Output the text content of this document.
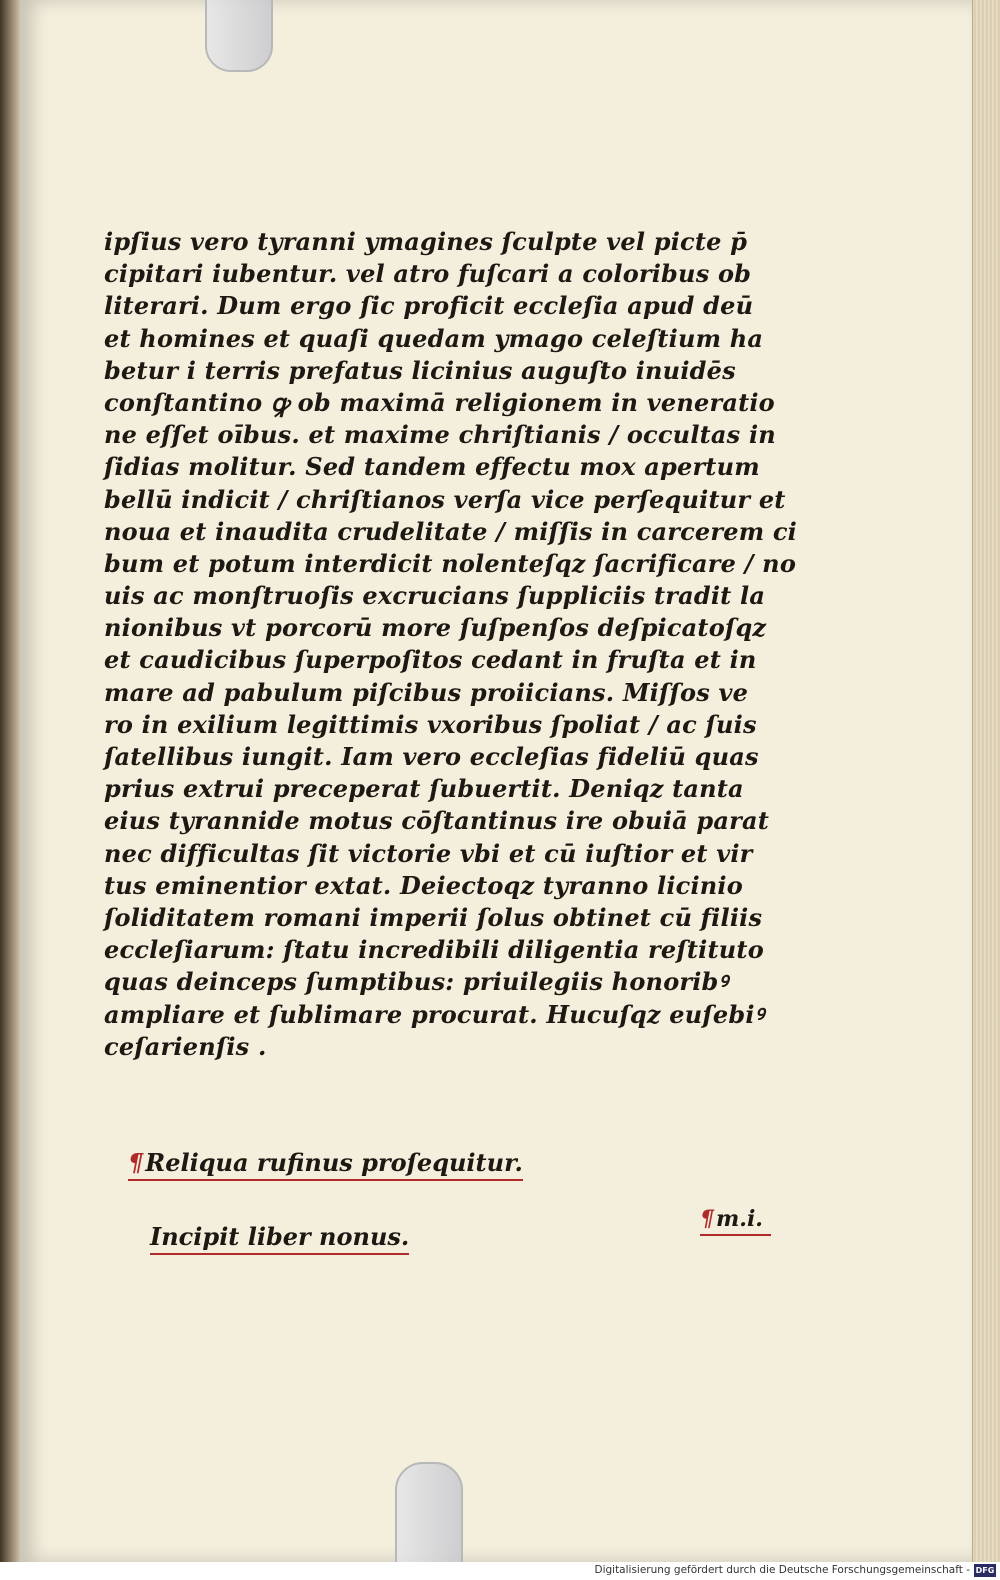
ipſius vero tyranni ymagines ſculpte vel picte p̄
cipitari iubentur. vel atro fuſcari a coloribus ob
literari. Dum ergo ſic proficit eccleſia apud deū
et homines et quaſi quedam ymago celeſtium ha
betur i terris prefatus licinius auguſto inuidēs
conſtantino ꝙ ob maximā religionem in veneratio
ne eſſet oībus. et maxime chriſtianis / occultas in
ſidias molitur. Sed tandem effectu mox apertum
bellū indicit / chriſtianos verſa vice perſequitur et
noua et inaudita crudelitate / miſſis in carcerem ci
bum et potum interdicit nolenteſqz ſacrificare / no
uis ac monſtruoſis excrucians ſuppliciis tradit la
nionibus vt porcorū more ſuſpenſos deſpicatoſqz
et caudicibus ſuperpoſitos cedant in fruſta et in
mare ad pabulum piſcibus proiicians. Miſſos ve
ro in exilium legittimis vxoribus ſpoliat / ac ſuis
ſatellibus iungit. Iam vero eccleſias fideliū quas
prius extrui preceperat ſubuertit. Deniqz tanta
eius tyrannide motus cōſtantinus ire obuiā parat
nec difficultas ſit victorie vbi et cū iuſtior et vir
tus eminentior extat. Deiectoqz tyranno licinio
ſoliditatem romani imperii ſolus obtinet cū filiis
eccleſiarum: ſtatu incredibili diligentia reſtituto
quas deinceps ſumptibus: priuilegiis honoribꝰ
ampliare et ſublimare procurat. Hucuſqz euſebiꝰ
ceſarienſis .
¶Reliqua rufinus proſequitur.
Incipit liber nonus.
¶m.i.
Digitalisierung gefördert durch die Deutsche Forschungsgemeinschaft - DFG
